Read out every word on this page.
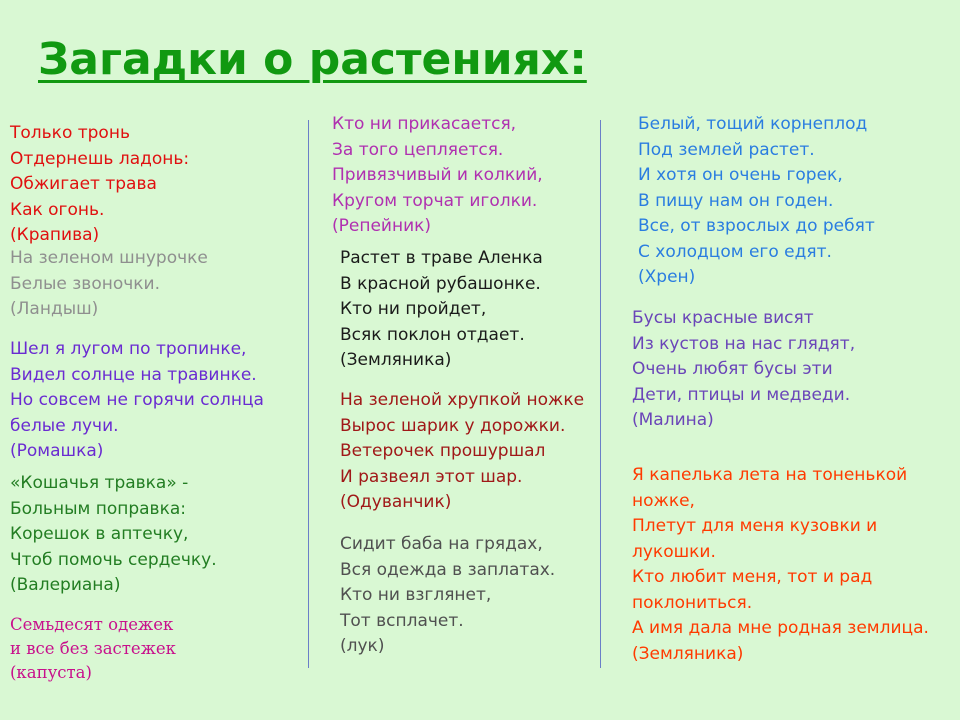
Загадки о растениях:
Только тронь
Отдернешь ладонь:
Обжигает трава
Как огонь.
(Крапива)
На зеленом шнурочке
Белые звоночки.
(Ландыш)
Шел я лугом по тропинке,
Видел солнце на травинке.
Но совсем не горячи солнца
белые лучи.
(Ромашка)
«Кошачья травка» -
Больным поправка:
Корешок в аптечку,
Чтоб помочь сердечку.
(Валериана)
Семьдесят одежек
и все без застежек
(капуста)
Кто ни прикасается,
За того цепляется.
Привязчивый и колкий,
Кругом торчат иголки.
(Репейник)
Растет в траве Аленка
В красной рубашонке.
Кто ни пройдет,
Всяк поклон отдает.
(Земляника)
На зеленой хрупкой ножке
Вырос шарик у дорожки.
Ветерочек прошуршал
И развеял этот шар.
(Одуванчик)
Сидит баба на грядах,
Вся одежда в заплатах.
Кто ни взглянет,
Тот всплачет.
(лук)
Белый, тощий корнеплод
Под землей растет.
И хотя он очень горек,
В пищу нам он годен.
Все, от взрослых до ребят
С холодцом его едят.
(Хрен)
Бусы красные висят
Из кустов на нас глядят,
Очень любят бусы эти
Дети, птицы и медведи.
(Малина)
Я капелька лета на тоненькой
ножке,
Плетут для меня кузовки и
лукошки.
Кто любит меня, тот и рад
поклониться.
А имя дала мне родная землица.
(Земляника)
